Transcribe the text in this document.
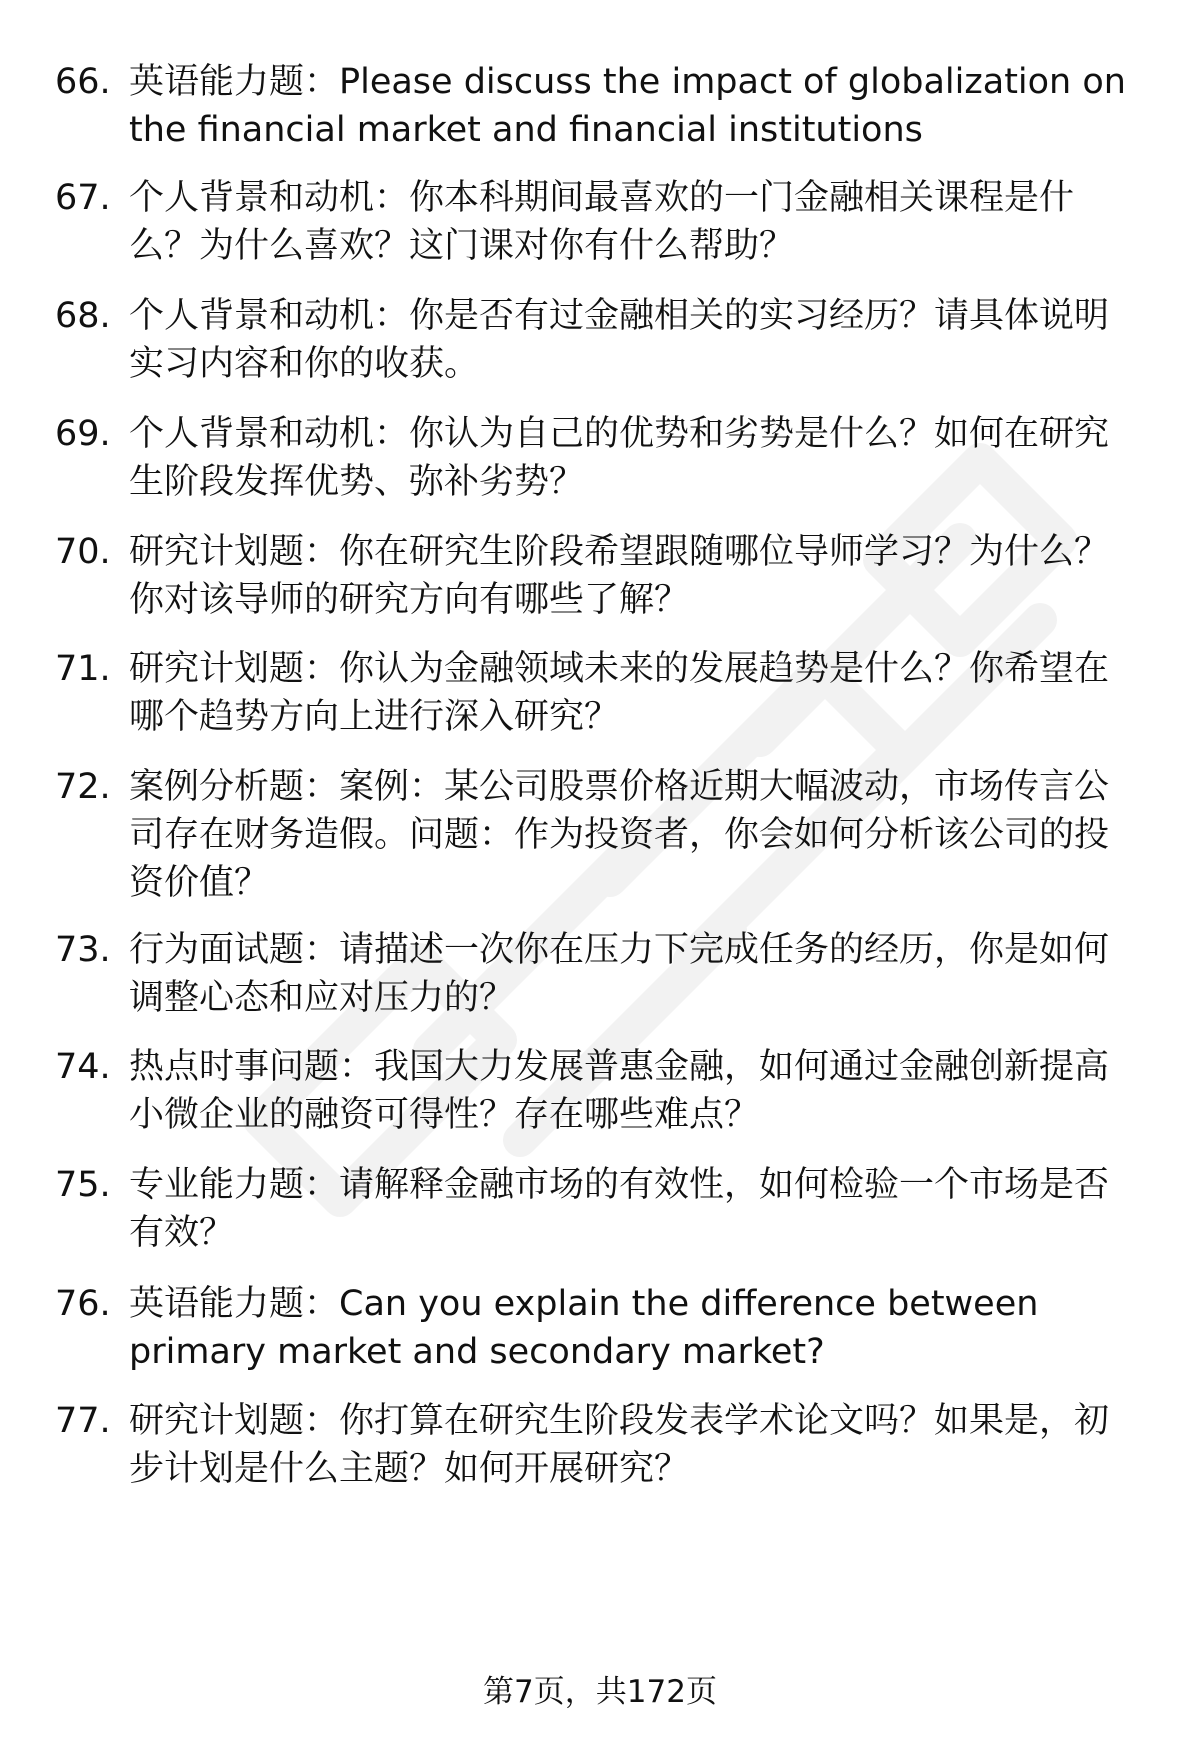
66. 英语能力题：Please discuss the impact of globalization on the financial market and financial institutions
67. 个人背景和动机：你本科期间最喜欢的一门金融相关课程是什么？为什么喜欢？这门课对你有什么帮助？
68. 个人背景和动机：你是否有过金融相关的实习经历？请具体说明实习内容和你的收获。
69. 个人背景和动机：你认为自己的优势和劣势是什么？如何在研究生阶段发挥优势、弥补劣势？
70. 研究计划题：你在研究生阶段希望跟随哪位导师学习？为什么？你对该导师的研究方向有哪些了解？
71. 研究计划题：你认为金融领域未来的发展趋势是什么？你希望在哪个趋势方向上进行深入研究？
72. 案例分析题：案例：某公司股票价格近期大幅波动，市场传言公司存在财务造假。问题：作为投资者，你会如何分析该公司的投资价值？
73. 行为面试题：请描述一次你在压力下完成任务的经历，你是如何调整心态和应对压力的？
74. 热点时事问题：我国大力发展普惠金融，如何通过金融创新提高小微企业的融资可得性？存在哪些难点？
75. 专业能力题：请解释金融市场的有效性，如何检验一个市场是否有效？
76. 英语能力题：Can you explain the difference between primary market and secondary market?
77. 研究计划题：你打算在研究生阶段发表学术论文吗？如果是，初步计划是什么主题？如何开展研究？
第7页，共172页
